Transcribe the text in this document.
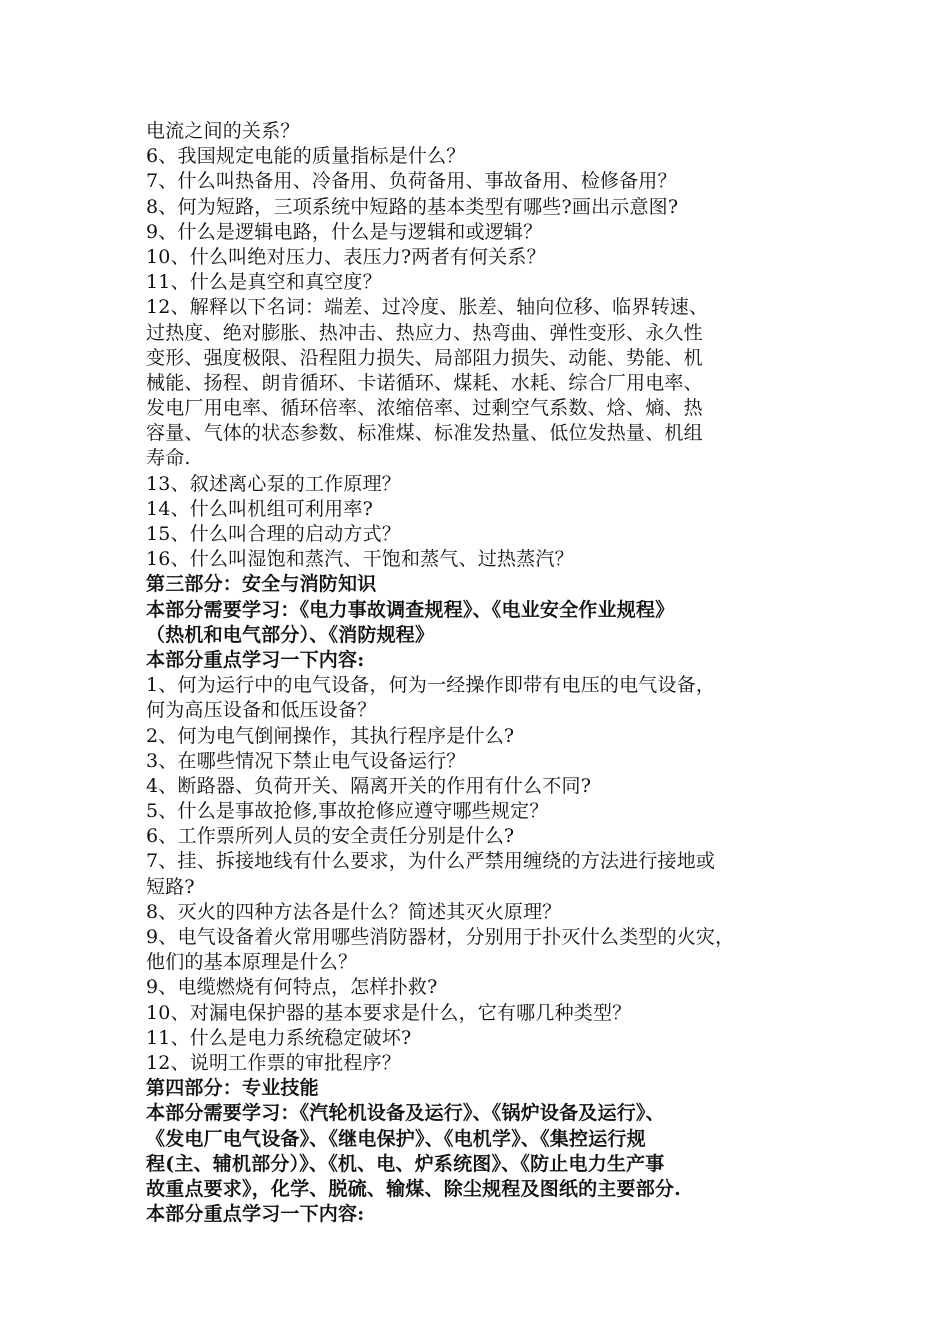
电流之间的关系？
6、我国规定电能的质量指标是什么？
7、什么叫热备用、冷备用、负荷备用、事故备用、检修备用？
8、何为短路，三项系统中短路的基本类型有哪些?画出示意图?
9、什么是逻辑电路，什么是与逻辑和或逻辑？
10、什么叫绝对压力、表压力?两者有何关系？
11、什么是真空和真空度？
12、解释以下名词：端差、过冷度、胀差、轴向位移、临界转速、
过热度、绝对膨胀、热冲击、热应力、热弯曲、弹性变形、永久性
变形、强度极限、沿程阻力损失、局部阻力损失、动能、势能、机
械能、扬程、朗肯循环、卡诺循环、煤耗、水耗、综合厂用电率、
发电厂用电率、循环倍率、浓缩倍率、过剩空气系数、焓、熵、热
容量、气体的状态参数、标准煤、标准发热量、低位发热量、机组
寿命.
13、叙述离心泵的工作原理？
14、什么叫机组可利用率?
15、什么叫合理的启动方式？
16、什么叫湿饱和蒸汽、干饱和蒸气、过热蒸汽？
第三部分：安全与消防知识
本部分需要学习：《电力事故调查规程》、《电业安全作业规程》
（热机和电气部分）、《消防规程》
本部分重点学习一下内容:
1、何为运行中的电气设备，何为一经操作即带有电压的电气设备，
何为高压设备和低压设备？
2、何为电气倒闸操作，其执行程序是什么?
3、在哪些情况下禁止电气设备运行？
4、断路器、负荷开关、隔离开关的作用有什么不同?
5、什么是事故抢修,事故抢修应遵守哪些规定？
6、工作票所列人员的安全责任分别是什么?
7、挂、拆接地线有什么要求，为什么严禁用缠绕的方法进行接地或
短路?
8、灭火的四种方法各是什么？简述其灭火原理？
9、电气设备着火常用哪些消防器材，分别用于扑灭什么类型的火灾，
他们的基本原理是什么？
9、电缆燃烧有何特点，怎样扑救?
10、对漏电保护器的基本要求是什么，它有哪几种类型？
11、什么是电力系统稳定破坏?
12、说明工作票的审批程序？
第四部分：专业技能
本部分需要学习：《汽轮机设备及运行》、《锅炉设备及运行》、
《发电厂电气设备》、《继电保护》、《电机学》、《集控运行规
程(主、辅机部分）》、《机、电、炉系统图》、《防止电力生产事
故重点要求》，化学、脱硫、输煤、除尘规程及图纸的主要部分.
本部分重点学习一下内容:
